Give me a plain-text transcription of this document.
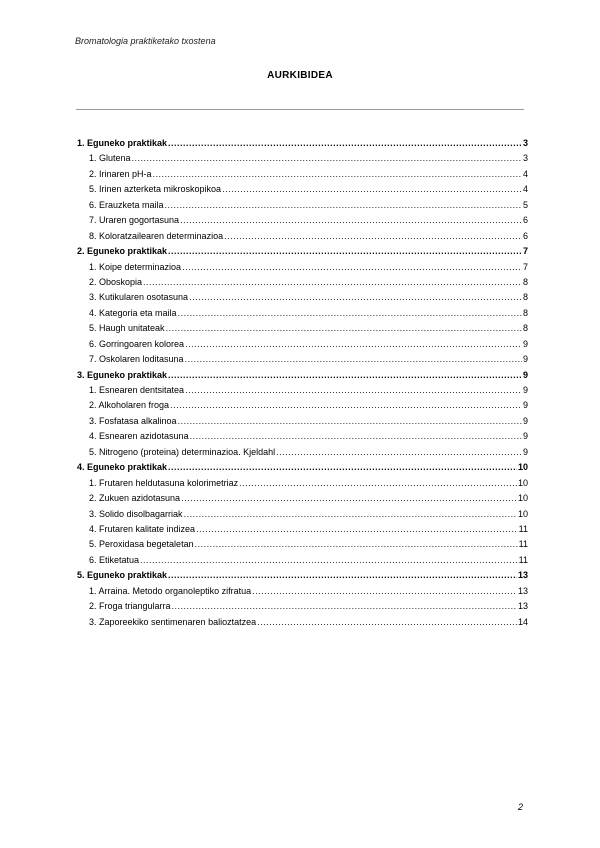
Bromatologia praktiketako txostena
AURKIBIDEA
1. Eguneko praktikak .....	3
1. Glutena .....	3
2. Irinaren pH-a .....	4
5. Irinen azterketa mikroskopikoa .....	4
6. Erauzketa maila .....	5
7. Uraren gogortasuna .....	6
8. Koloratzailearen determinazioa .....	6
2. Eguneko praktikak .....	7
1. Koipe determinazioa .....	7
2. Oboskopia .....	8
3. Kutikularen osotasuna .....	8
4. Kategoria eta maila .....	8
5. Haugh unitateak .....	8
6. Gorringoaren kolorea .....	9
7. Oskolaren loditasuna .....	9
3. Eguneko praktikak .....	9
1. Esnearen dentsitatea .....	9
2. Alkoholaren froga .....	9
3. Fosfatasa alkalinoa .....	9
4. Esnearen azidotasuna .....	9
5. Nitrogeno (proteina) determinazioa. Kjeldahl .....	9
4. Eguneko praktikak .....	10
1. Frutaren heldutasuna kolorimetriaz .....	10
2. Zukuen azidotasuna .....	10
3. Solido disolbagarriak .....	10
4. Frutaren kalitate indizea .....	11
5. Peroxidasa begetaletan .....	11
6. Etiketatua .....	11
5. Eguneko praktikak .....	13
1. Arraina. Metodo organoleptiko zifratua .....	13
2. Froga triangularra .....	13
3. Zaporeekiko sentimenaren balioztatzea .....	14
2
